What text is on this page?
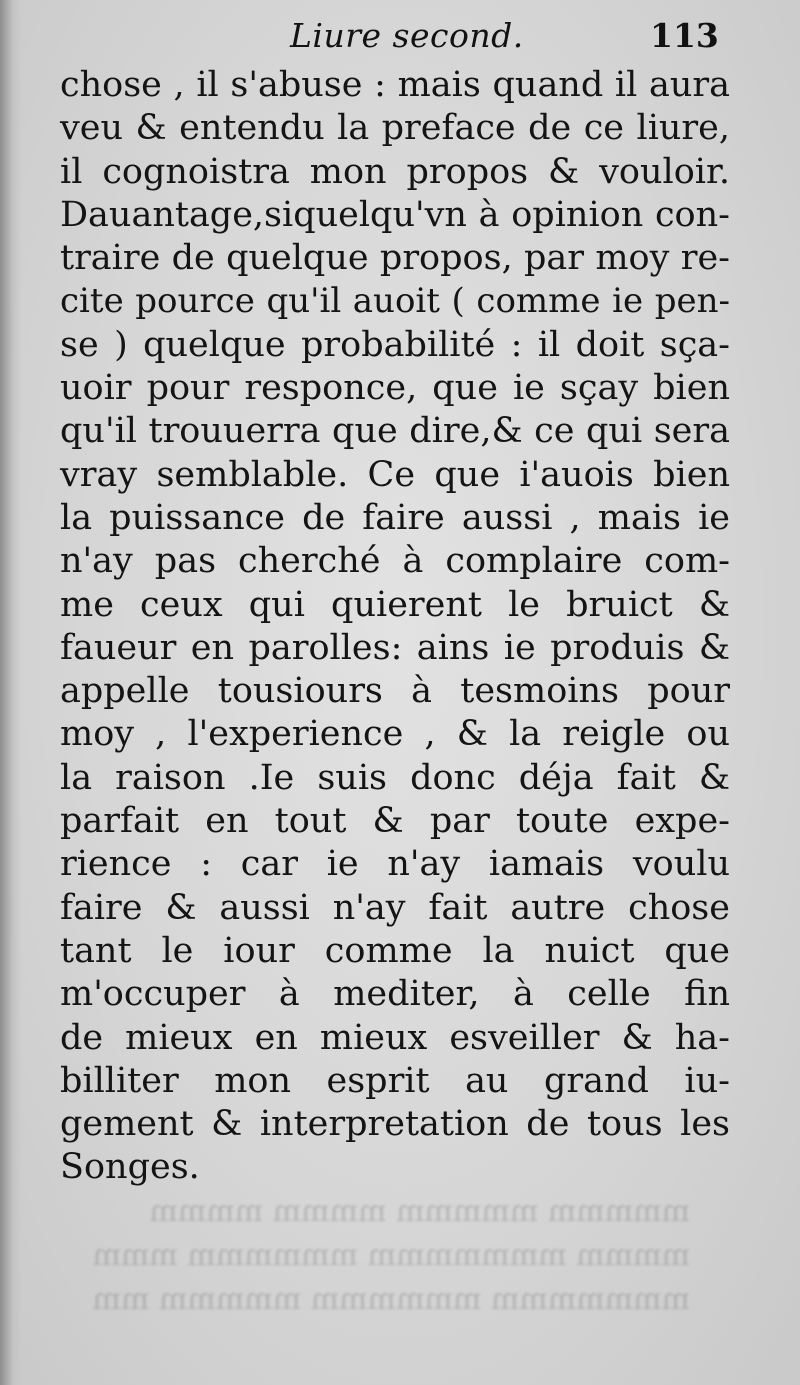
mmmmm mmmmm mmmm mmmm
mmmm mmmmmmm mmmmmm mmm
mmmmmmm mmmmmm mmmmm mm
Liure second.	113
chose , il s'abuse : mais quand il aura
veu & entendu la preface de ce liure,
il cognoistra mon propos & vouloir.
Dauantage,siquelqu'vn à opinion con-
traire de quelque propos, par moy re-
cite pource qu'il auoit ( comme ie pen-
se ) quelque probabilité : il doit sça-
uoir pour responce, que ie sçay bien
qu'il trouuerra que dire,& ce qui sera
vray semblable. Ce que i'auois bien
la puissance de faire aussi , mais ie
n'ay pas cherché à complaire com-
me ceux qui quierent le bruict &
faueur en parolles: ains ie produis &
appelle tousiours à tesmoins pour
moy , l'experience , & la reigle ou
la raison .Ie suis donc déja fait &
parfait en tout & par toute expe-
rience : car ie n'ay iamais voulu
faire & aussi n'ay fait autre chose
tant le iour comme la nuict que
m'occuper à mediter, à celle fin
de mieux en mieux esveiller & ha-
billiter mon esprit au grand iu-
gement & interpretation de tous les
Songes.
